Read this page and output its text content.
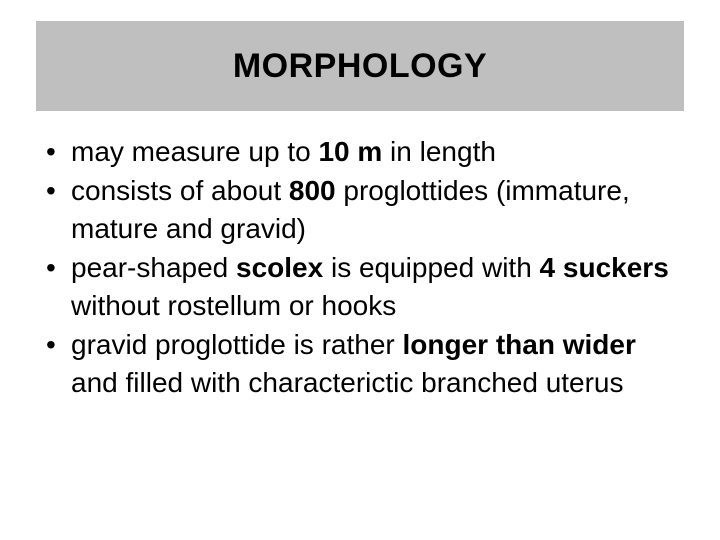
MORPHOLOGY
• may measure up to 10 m in length
• consists of about 800 proglottides (immature, mature and gravid)
• pear-shaped scolex is equipped with 4 suckers without rostellum or hooks
• gravid proglottide is rather longer than wider and filled with characterictic branched uterus
